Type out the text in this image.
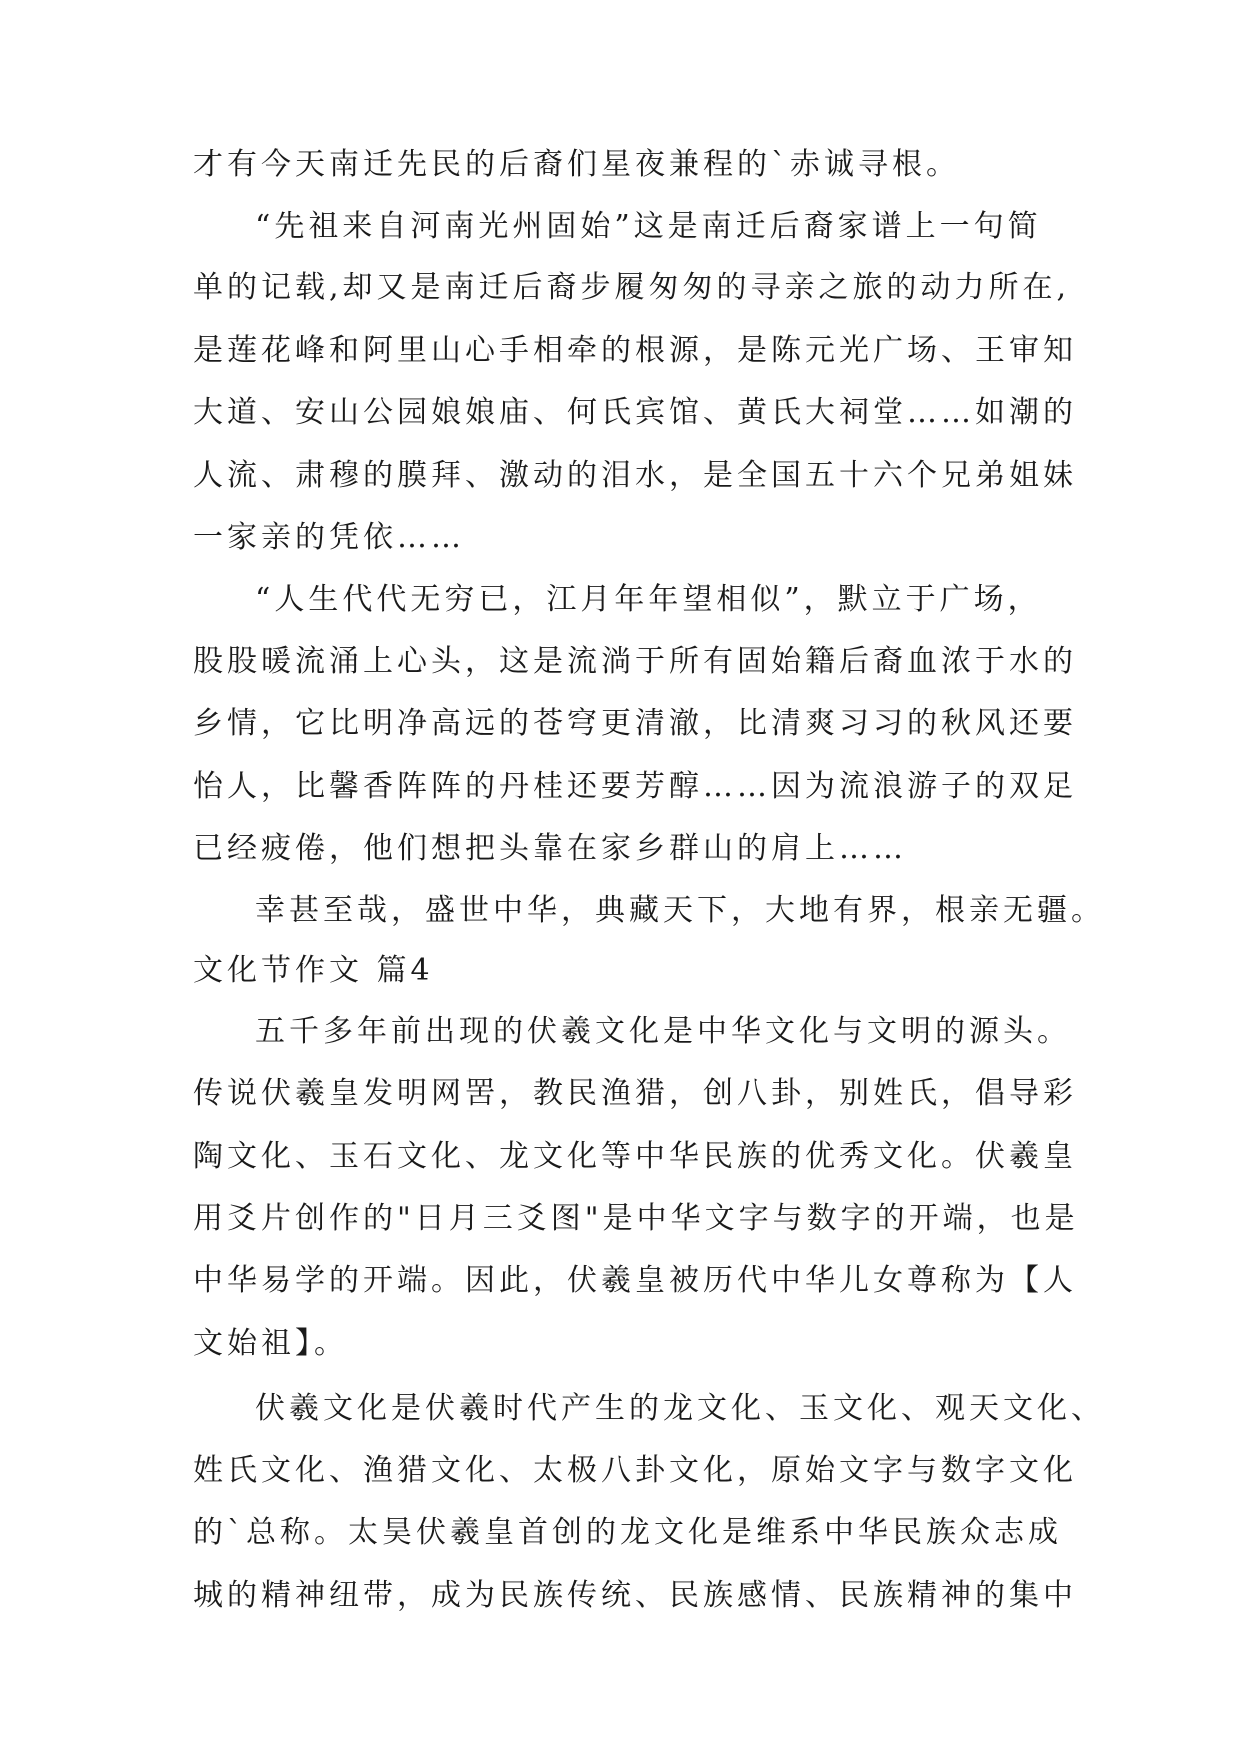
才有今天南迁先民的后裔们星夜兼程的`赤诚寻根。
“先祖来自河南光州固始”这是南迁后裔家谱上一句简
单的记载,却又是南迁后裔步履匆匆的寻亲之旅的动力所在,
是莲花峰和阿里山心手相牵的根源，是陈元光广场、王审知
大道、安山公园娘娘庙、何氏宾馆、黄氏大祠堂……如潮的
人流、肃穆的膜拜、激动的泪水，是全国五十六个兄弟姐妹
一家亲的凭依……
“人生代代无穷已，江月年年望相似”，默立于广场，
股股暖流涌上心头，这是流淌于所有固始籍后裔血浓于水的
乡情，它比明净高远的苍穹更清澈，比清爽习习的秋风还要
怡人，比馨香阵阵的丹桂还要芳醇……因为流浪游子的双足
已经疲倦，他们想把头靠在家乡群山的肩上……
幸甚至哉，盛世中华，典藏天下，大地有界，根亲无疆。
文化节作文 篇4
五千多年前出现的伏羲文化是中华文化与文明的源头。
传说伏羲皇发明网罟，教民渔猎，创八卦，别姓氏，倡导彩
陶文化、玉石文化、龙文化等中华民族的优秀文化。伏羲皇
用爻片创作的"日月三爻图"是中华文字与数字的开端，也是
中华易学的开端。因此，伏羲皇被历代中华儿女尊称为【人
文始祖】。
伏羲文化是伏羲时代产生的龙文化、玉文化、观天文化、
姓氏文化、渔猎文化、太极八卦文化，原始文字与数字文化
的`总称。太昊伏羲皇首创的龙文化是维系中华民族众志成
城的精神纽带，成为民族传统、民族感情、民族精神的集中
